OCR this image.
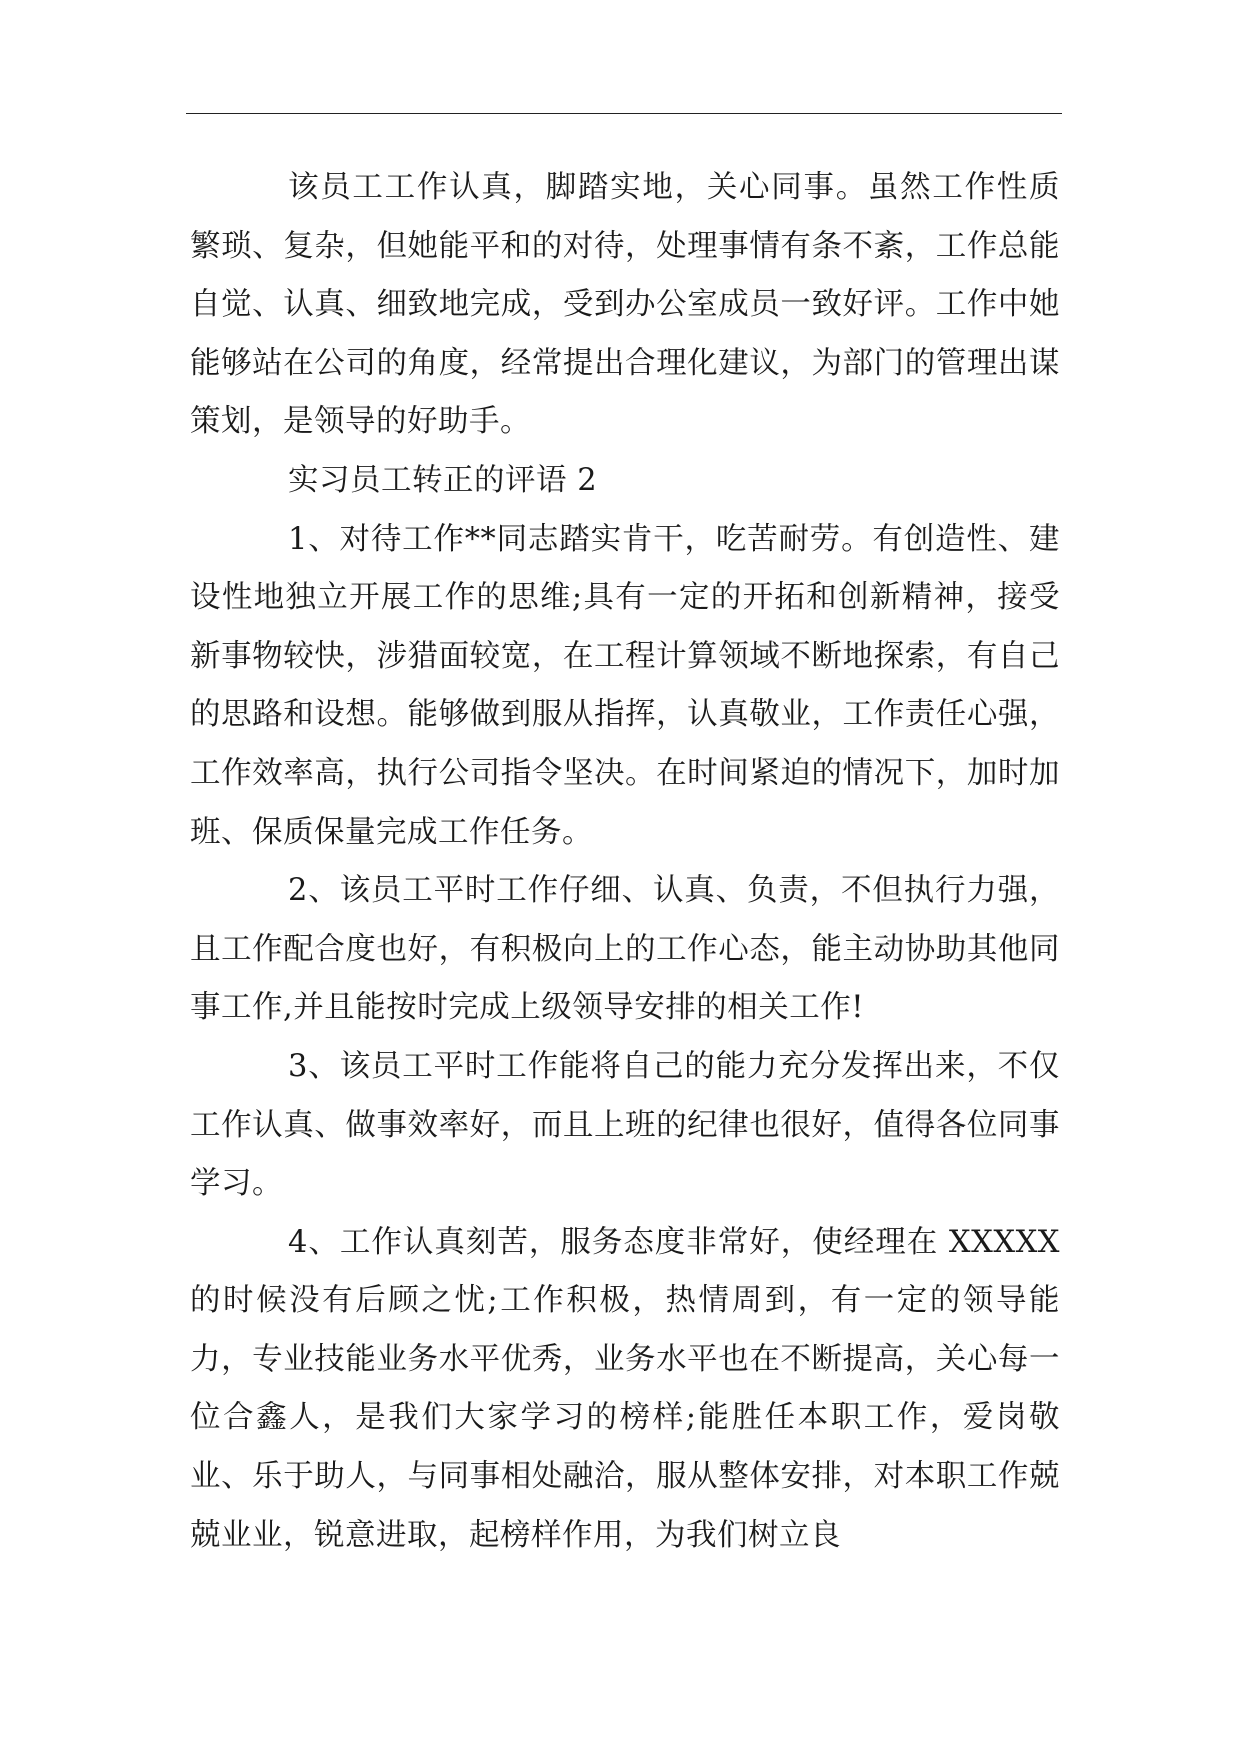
该员工工作认真，脚踏实地，关心同事。虽然工作性质繁琐、复杂，但她能平和的对待，处理事情有条不紊，工作总能自觉、认真、细致地完成，受到办公室成员一致好评。工作中她能够站在公司的角度，经常提出合理化建议，为部门的管理出谋策划，是领导的好助手。

实习员工转正的评语 2

1、对待工作**同志踏实肯干，吃苦耐劳。有创造性、建设性地独立开展工作的思维;具有一定的开拓和创新精神，接受新事物较快，涉猎面较宽，在工程计算领域不断地探索，有自己的思路和设想。能够做到服从指挥，认真敬业，工作责任心强，工作效率高，执行公司指令坚决。在时间紧迫的情况下，加时加班、保质保量完成工作任务。

2、该员工平时工作仔细、认真、负责，不但执行力强，且工作配合度也好，有积极向上的工作心态，能主动协助其他同事工作,并且能按时完成上级领导安排的相关工作!

3、该员工平时工作能将自己的能力充分发挥出来，不仅工作认真、做事效率好，而且上班的纪律也很好，值得各位同事学习。

4、工作认真刻苦，服务态度非常好，使经理在 XXXXX 的时候没有后顾之忧;工作积极，热情周到，有一定的领导能力，专业技能业务水平优秀，业务水平也在不断提高，关心每一位合鑫人，是我们大家学习的榜样;能胜任本职工作，爱岗敬业、乐于助人，与同事相处融洽，服从整体安排，对本职工作兢兢业业，锐意进取，起榜样作用，为我们树立良
